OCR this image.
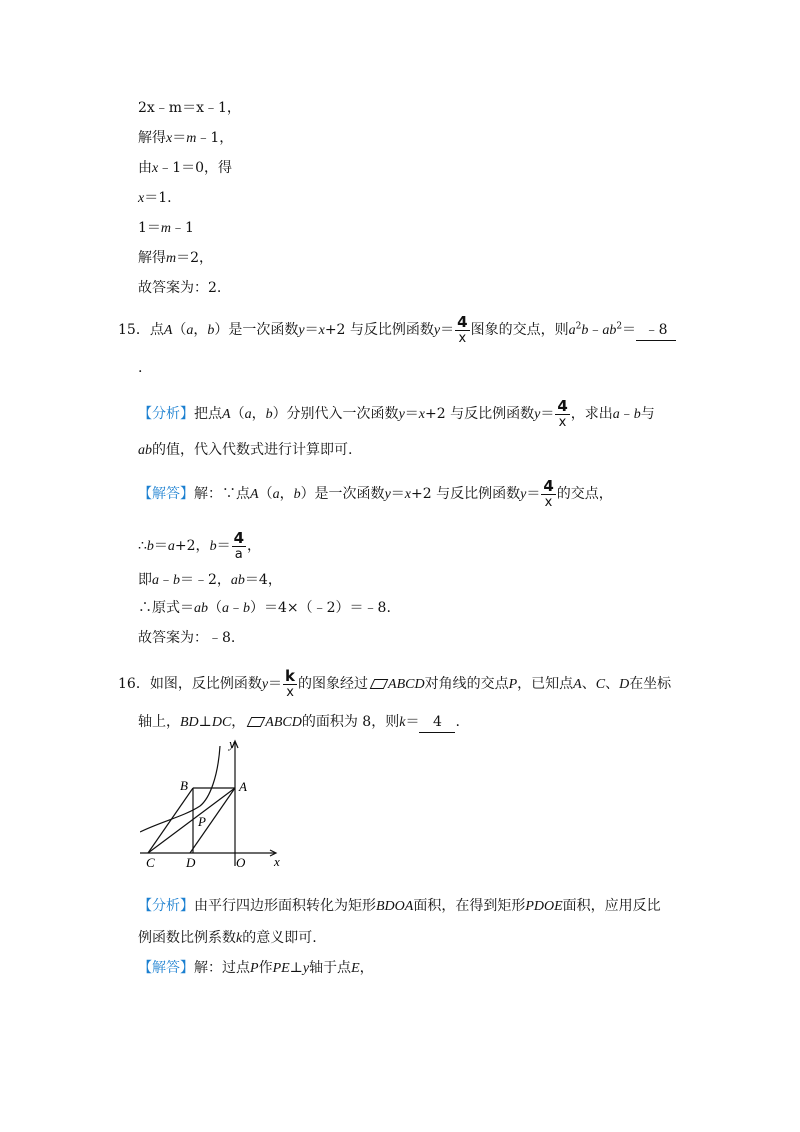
2x﹣m＝x﹣1，
解得x＝m﹣1，
由x﹣1＝0，得
x＝1.
1＝m﹣1
解得m＝2，
故答案为：2.
15．点A（a，b）是一次函数y＝x+2 与反比例函数$y= \frac{4}{x}$ 图象的交点，则$a^2b﹣ab^2=$ ﹣8
.
【分析】把点A（a，b）分别代入一次函数y＝x+2 与反比例函数$y= \frac{4}{x}$ ，求出a﹣b与
ab的值，代入代数式进行计算即可.
【解答】解：∵点A（a，b）是一次函数y＝x+2 与反比例函数$y= \frac{4}{x}$ 的交点，
∴b＝a+2，$b= \frac{4}{a}$ ，
即a﹣b＝﹣2，ab＝4，
∴原式＝ab（a﹣b）＝4×（﹣2）＝﹣8.
故答案为：﹣8.
16．如图，反比例函数$y= \frac{k}{x}$ 的图象经过 ABCD对角线的交点P，已知点A、C、D在坐标
轴上，BD⊥DC， ABCD的面积为 8，则k＝ 4 .
y
B	A
P
C D	O x
【分析】由平行四边形面积转化为矩形BDOA面积，在得到矩形PDOE面积，应用反比
例函数比例系数k的意义即可.
【解答】解：过点P作PE⊥y轴于点E，
